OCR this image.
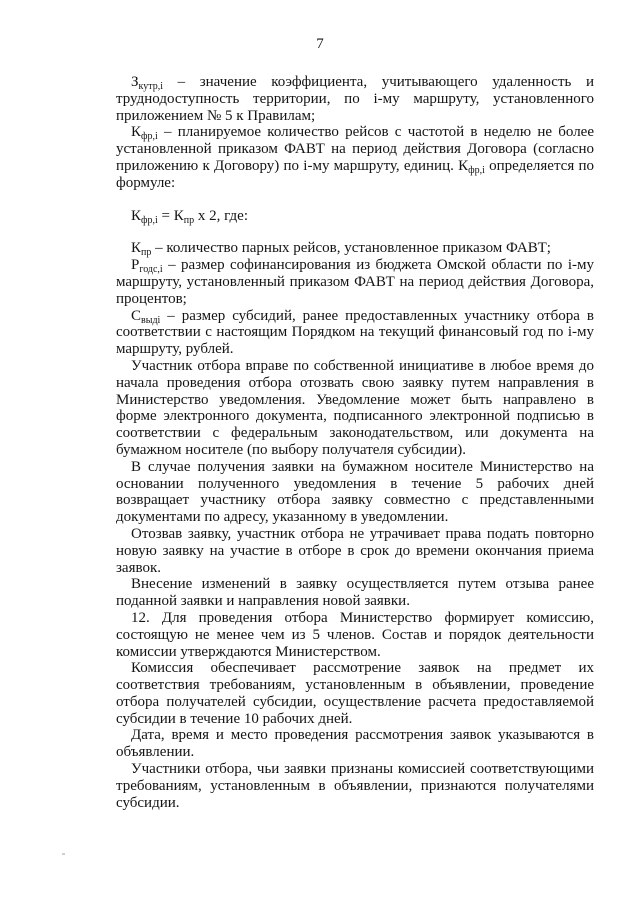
7

$З_{кутр,i}$ – значение коэффициента, учитывающего удаленность и труднодоступность территории, по i-му маршруту, установленного приложением № 5 к Правилам;

$К_{фр,i}$ – планируемое количество рейсов с частотой в неделю не более установленной приказом ФАВТ на период действия Договора (согласно приложению к Договору) по i-му маршруту, единиц. $К_{фр,i}$ определяется по формуле:

$К_{фр,i} = К_{пр}$ х 2, где:

$К_{пр}$ – количество парных рейсов, установленное приказом ФАВТ;

$Р_{годс,i}$ – размер софинансирования из бюджета Омской области по i-му маршруту, установленный приказом ФАВТ на период действия Договора, процентов;

$С_{выдi}$ – размер субсидий, ранее предоставленных участнику отбора в соответствии с настоящим Порядком на текущий финансовый год по i-му маршруту, рублей.

Участник отбора вправе по собственной инициативе в любое время до начала проведения отбора отозвать свою заявку путем направления в Министерство уведомления. Уведомление может быть направлено в форме электронного документа, подписанного электронной подписью в соответствии с федеральным законодательством, или документа на бумажном носителе (по выбору получателя субсидии).

В случае получения заявки на бумажном носителе Министерство на основании полученного уведомления в течение 5 рабочих дней возвращает участнику отбора заявку совместно с представленными документами по адресу, указанному в уведомлении.

Отозвав заявку, участник отбора не утрачивает права подать повторно новую заявку на участие в отборе в срок до времени окончания приема заявок.

Внесение изменений в заявку осуществляется путем отзыва ранее поданной заявки и направления новой заявки.

12. Для проведения отбора Министерство формирует комиссию, состоящую не менее чем из 5 членов. Состав и порядок деятельности комиссии утверждаются Министерством.

Комиссия обеспечивает рассмотрение заявок на предмет их соответствия требованиям, установленным в объявлении, проведение отбора получателей субсидии, осуществление расчета предоставляемой субсидии в течение 10 рабочих дней.

Дата, время и место проведения рассмотрения заявок указываются в объявлении.

Участники отбора, чьи заявки признаны комиссией соответствующими требованиям, установленным в объявлении, признаются получателями субсидии.
